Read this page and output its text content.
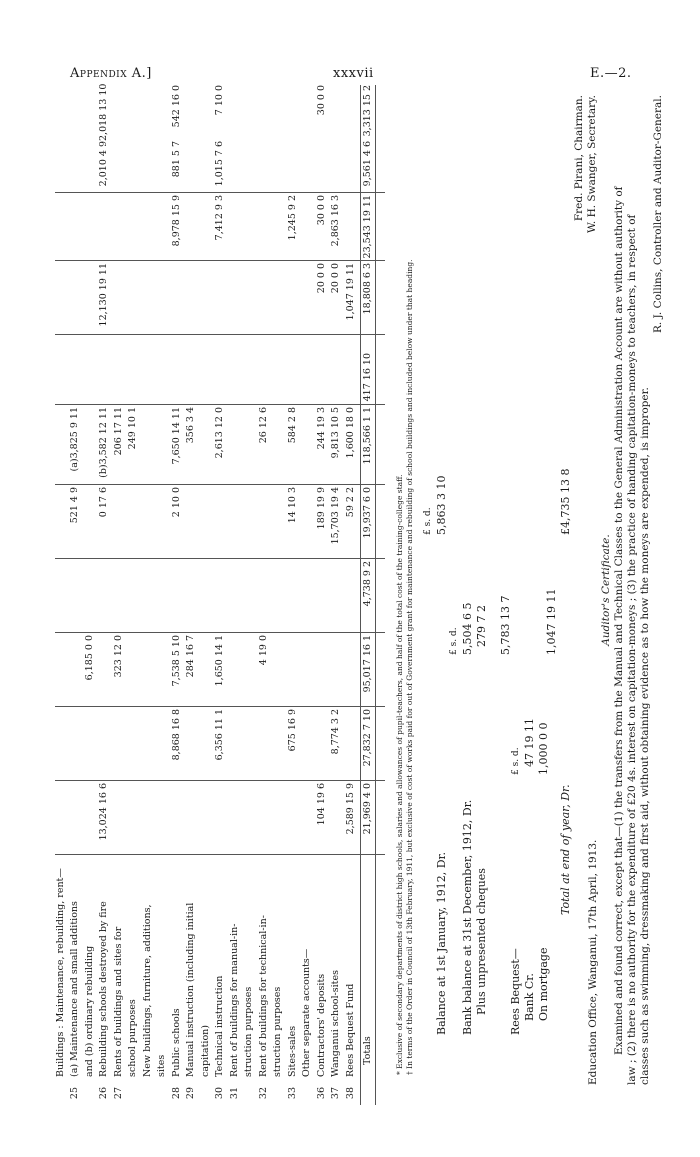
Appendix A.]	xxxvii	E.—2.
Buildings : Maintenance, rebuilding, rent—
25
(a) Maintenance and small additions
521 4 9
(a)3,825 9 11
and (b) ordinary rebuilding
6,185 0 0
26
Rebuilding schools destroyed by fire
13,024 16 6
0 17 6
(b)3,582 12 11
12,130 19 11
2,010 4 9
2,018 13 10
27
Rents of buildings and sites for
323 12 0
206 17 11
school purposes
249 10 1
New buildings, furniture, additions, sites
28
Public schools
8,868 16 8
7,538 5 10
2 10 0
7,650 14 11
8,978 15 9
881 5 7
542 16 0
29
Manual instruction (including initial
284 16 7
356 3 4
capitation)
30
Technical instruction
6,356 11 1
1,650 14 1
2,613 12 0
7,412 9 3
1,015 7 6
7 10 0
31
Rent of buildings for manual-in- struction purposes
32
Rent of buildings for technical-in-
4 19 0
26 12 6
struction purposes
33
Sites-sales
675 16 9
14 10 3
584 2 8
1,245 9 2
Other separate accounts—
36
Contractors' deposits
104 19 6
189 19 9
244 19 3
20 0 0
30 0 0
30 0 0
37
Wanganui school-sites
8,774 3 2
15,703 19 4
9,813 10 5
20 0 0
2,863 16 3
38
Rees Bequest Fund
2,589 15 9
59 2 2
1,600 18 0
1,047 19 11
Totals
21,969 4 0
27,832 7 10
95,017 16 1
4,738 9 2
19,937 6 0
118,566 1 1
417 16 10
18,808 6 3
23,543 19 11
9,561 4 6
3,313 15 2
* Exclusive of secondary departments of district high schools, salaries and allowances of pupil-teachers, and half of the total cost of the training-college staff. † In terms of the Order in Council of 13th February, 1911, but exclusive of cost of works paid for out of Government grant for maintenance and rebuilding of school buildings and included below under that heading. Balance at 1st January, 1912, Dr.
£ s. d. 5,863 3 10
Bank balance at 31st December, 1912, Dr.
£ s. d. 5,504 6 5
Plus unpresented cheques
279 7 2 5,783 13 7
Rees Bequest—
£ s. d.
Bank Cr.
47 19 11
On mortgage
1,000 0 0
1,047 19 11
Total at end of year, Dr.
£4,735 13 8
Fred. Pirani, Chairman. W. H. Swanger, Secretary.
Education Office, Wanganui, 17th April, 1913.
Auditor's Certificate. Examined and found correct, except that—(1) the transfers from the Manual and Technical Classes to the General Administration Account are without authority of law ; (2) there is no authority for the expenditure of £20 4s. interest on capitation-moneys ; (3) the practice of handing capitation-moneys to teachers, in respect of classes such as swimming, dressmaking and first aid, without obtaining evidence as to how the moneys are expended, is improper.
R. J. Collins, Controller and Auditor-General.
